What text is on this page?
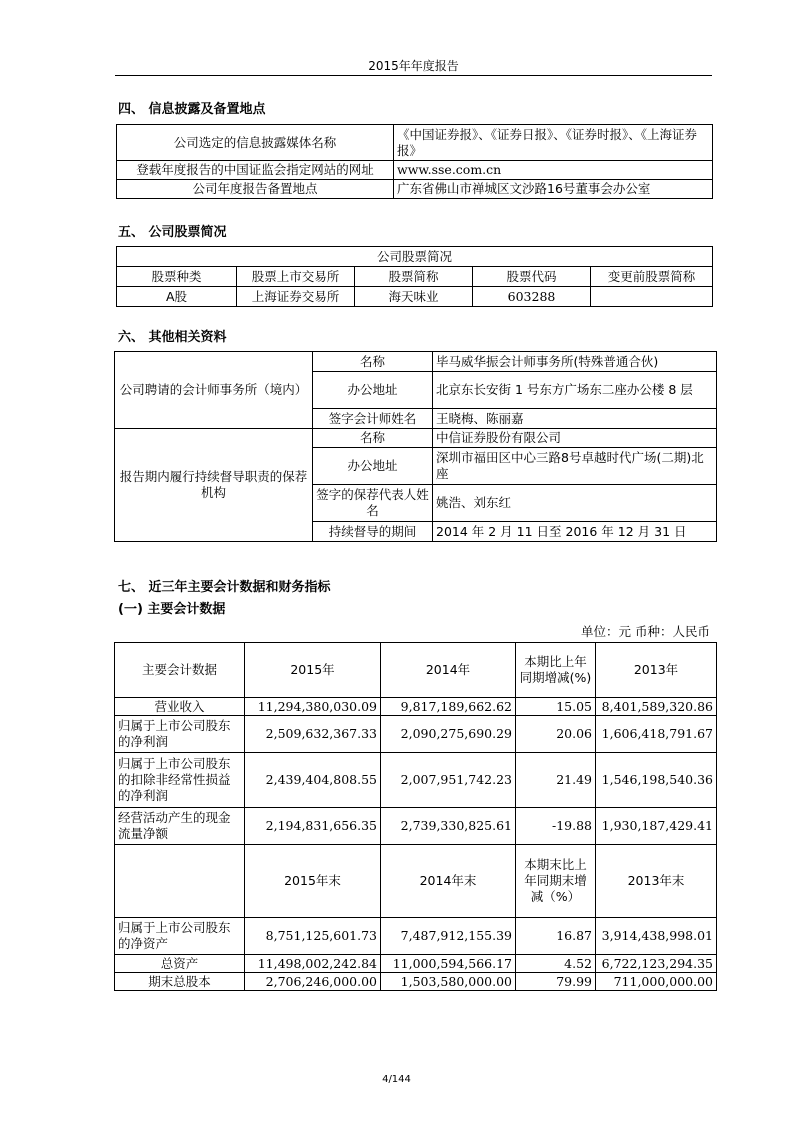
2015年年度报告
四、 信息披露及备置地点
公司选定的信息披露媒体名称	《中国证券报》、《证券日报》、《证券时报》、《上海证券报》
登载年度报告的中国证监会指定网站的网址	www.sse.com.cn
公司年度报告备置地点	广东省佛山市禅城区文沙路16号董事会办公室
五、 公司股票简况
公司股票简况				
股票种类	股票上市交易所	股票简称	股票代码	变更前股票简称
A股	上海证券交易所	海天味业	603288	
六、 其他相关资料
公司聘请的会计师事务所（境内）	名称	毕马威华振会计师事务所(特殊普通合伙)
	办公地址	北京东长安街 1 号东方广场东二座办公楼 8 层
	签字会计师姓名	王晓梅、陈丽嘉
报告期内履行持续督导职责的保荐机构	名称	中信证券股份有限公司
	办公地址	深圳市福田区中心三路8号卓越时代广场(二期)北座
	签字的保荐代表人姓名	姚浩、刘东红
	持续督导的期间	2014 年 2 月 11 日至 2016 年 12 月 31 日
七、 近三年主要会计数据和财务指标
(一) 主要会计数据
单位：元 币种：人民币
主要会计数据	2015年	2014年	本期比上年同期增减(%)	2013年
营业收入	11,294,380,030.09	9,817,189,662.62	15.05	8,401,589,320.86
归属于上市公司股东的净利润	2,509,632,367.33	2,090,275,690.29	20.06	1,606,418,791.67
归属于上市公司股东的扣除非经常性损益的净利润	2,439,404,808.55	2,007,951,742.23	21.49	1,546,198,540.36
经营活动产生的现金流量净额	2,194,831,656.35	2,739,330,825.61	-19.88	1,930,187,429.41
	2015年末	2014年末	本期末比上年同期末增减（%）	2013年末
归属于上市公司股东的净资产	8,751,125,601.73	7,487,912,155.39	16.87	3,914,438,998.01
总资产	11,498,002,242.84	11,000,594,566.17	4.52	6,722,123,294.35
期末总股本	2,706,246,000.00	1,503,580,000.00	79.99	711,000,000.00
4/144
